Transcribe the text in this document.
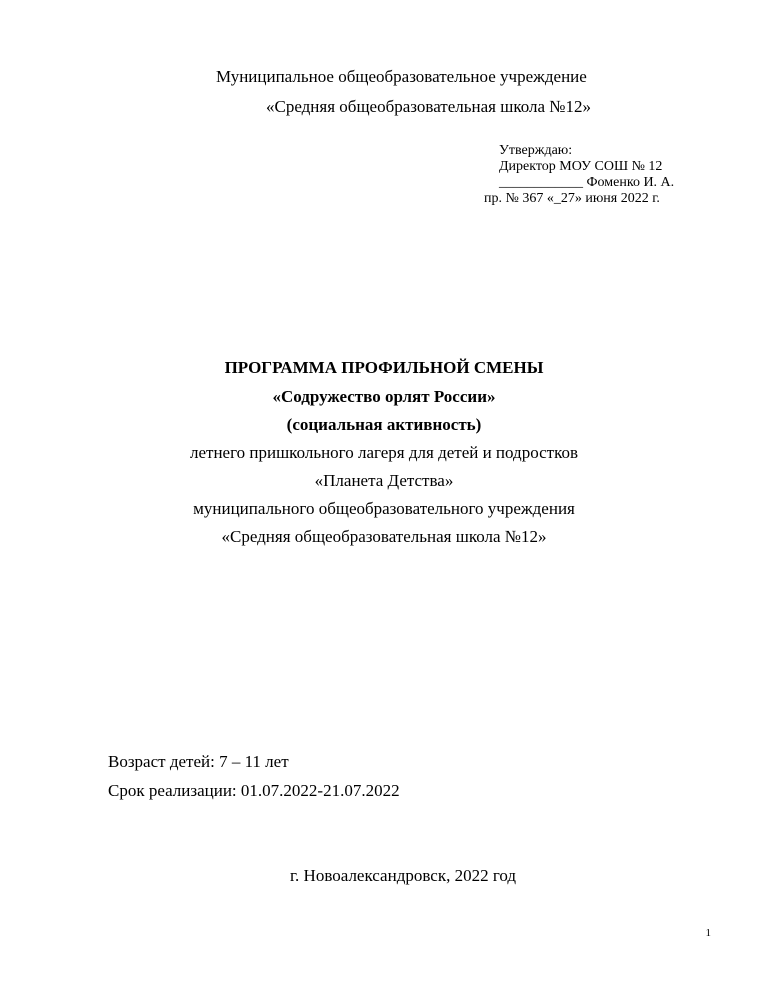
Муниципальное общеобразовательное учреждение
«Средняя общеобразовательная школа №12»
Утверждаю:
Директор МОУ СОШ № 12
____________ Фоменко И. А.
пр. № 367 «_27» июня 2022 г.
ПРОГРАММА ПРОФИЛЬНОЙ СМЕНЫ
«Содружество орлят России»
(социальная активность)
летнего пришкольного лагеря для детей и подростков
«Планета Детства»
муниципального общеобразовательного учреждения
«Средняя общеобразовательная школа №12»
Возраст детей: 7 – 11 лет
Срок реализации: 01.07.2022-21.07.2022
г. Новоалександровск, 2022 год
1
